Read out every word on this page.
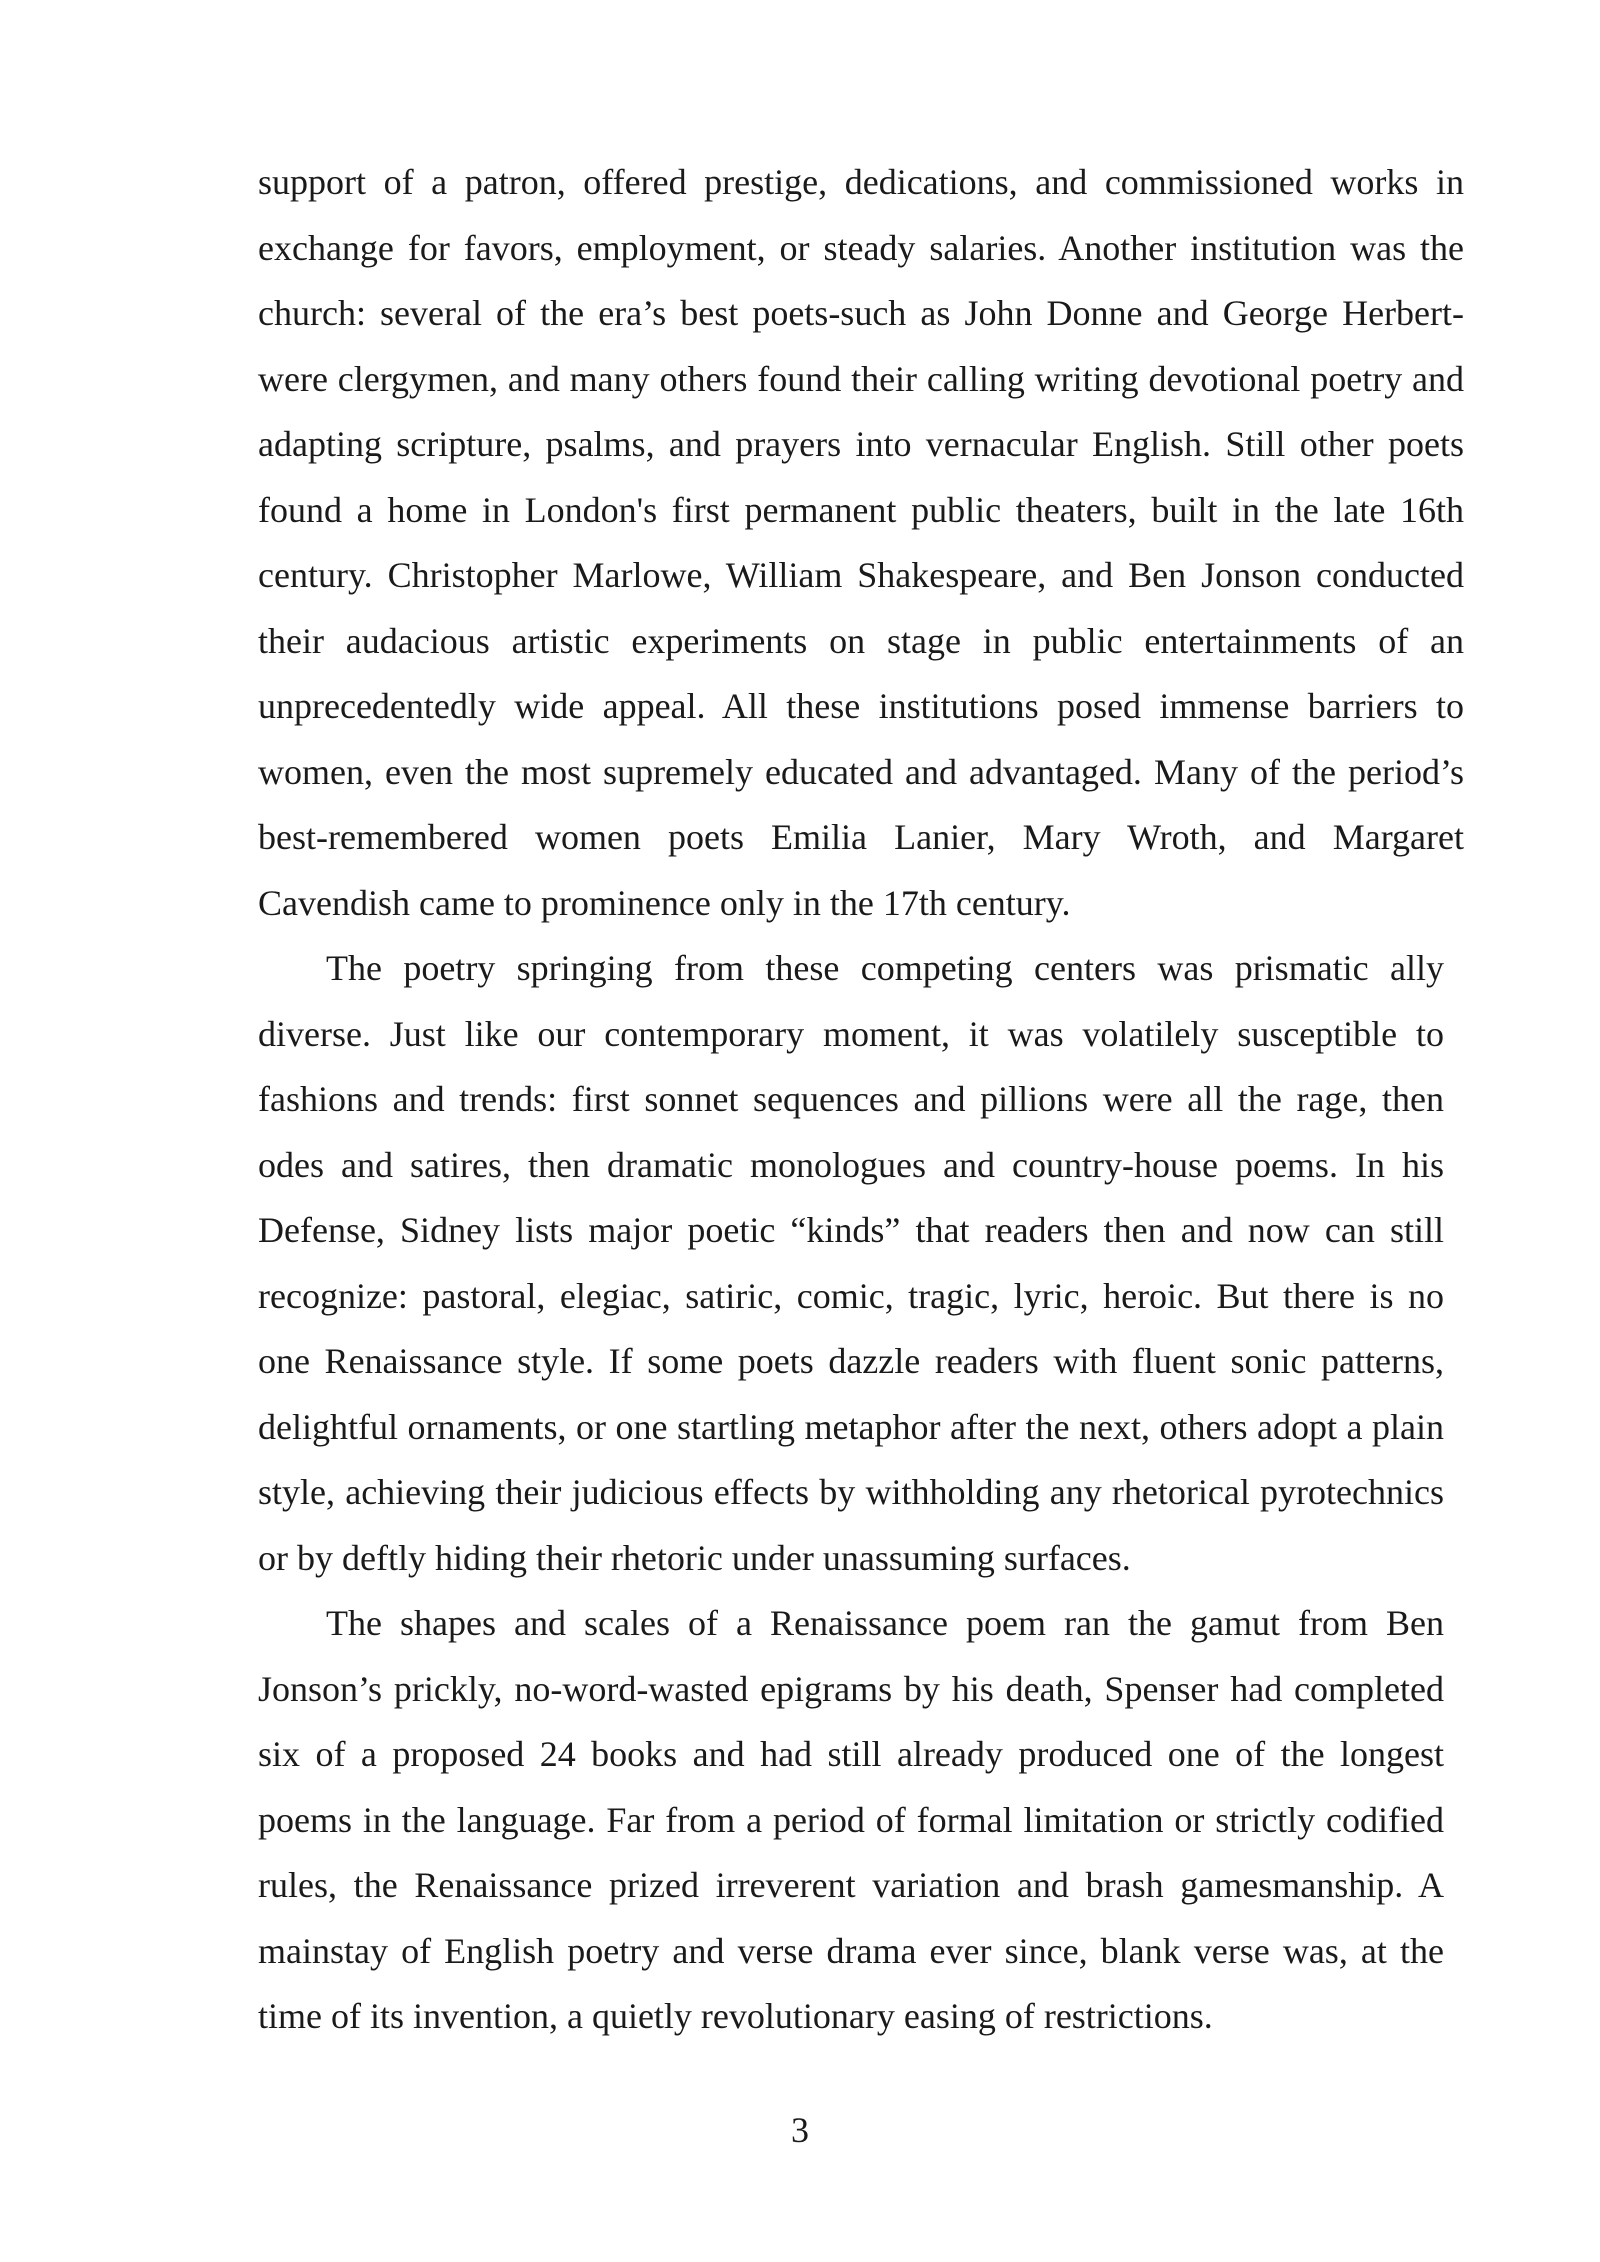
support of a patron, offered prestige, dedications, and commissioned works in exchange for favors, employment, or steady salaries. Another institution was the church: several of the era’s best poets-such as John Donne and George Herbert- were clergymen, and many others found their calling writing devotional poetry and adapting scripture, psalms, and prayers into vernacular English. Still other poets found a home in London's first permanent public theaters, built in the late 16th century. Christopher Marlowe, William Shakespeare, and Ben Jonson conducted their audacious artistic experiments on stage in public entertainments of an unprecedentedly wide appeal. All these institutions posed immense barriers to women, even the most supremely educated and advantaged. Many of the period’s best-remembered women poets Emilia Lanier, Mary Wroth, and Margaret Cavendish came to prominence only in the 17th century.

The poetry springing from these competing centers was prismatic ally diverse. Just like our contemporary moment, it was volatilely susceptible to fashions and trends: first sonnet sequences and pillions were all the rage, then odes and satires, then dramatic monologues and country-house poems. In his Defense, Sidney lists major poetic “kinds” that readers then and now can still recognize: pastoral, elegiac, satiric, comic, tragic, lyric, heroic. But there is no one Renaissance style. If some poets dazzle readers with fluent sonic patterns, delightful ornaments, or one startling metaphor after the next, others adopt a plain style, achieving their judicious effects by withholding any rhetorical pyrotechnics or by deftly hiding their rhetoric under unassuming surfaces.

The shapes and scales of a Renaissance poem ran the gamut from Ben Jonson’s prickly, no-word-wasted epigrams by his death, Spenser had completed six of a proposed 24 books and had still already produced one of the longest poems in the language. Far from a period of formal limitation or strictly codified rules, the Renaissance prized irreverent variation and brash gamesmanship. A mainstay of English poetry and verse drama ever since, blank verse was, at the time of its invention, a quietly revolutionary easing of restrictions.

3
